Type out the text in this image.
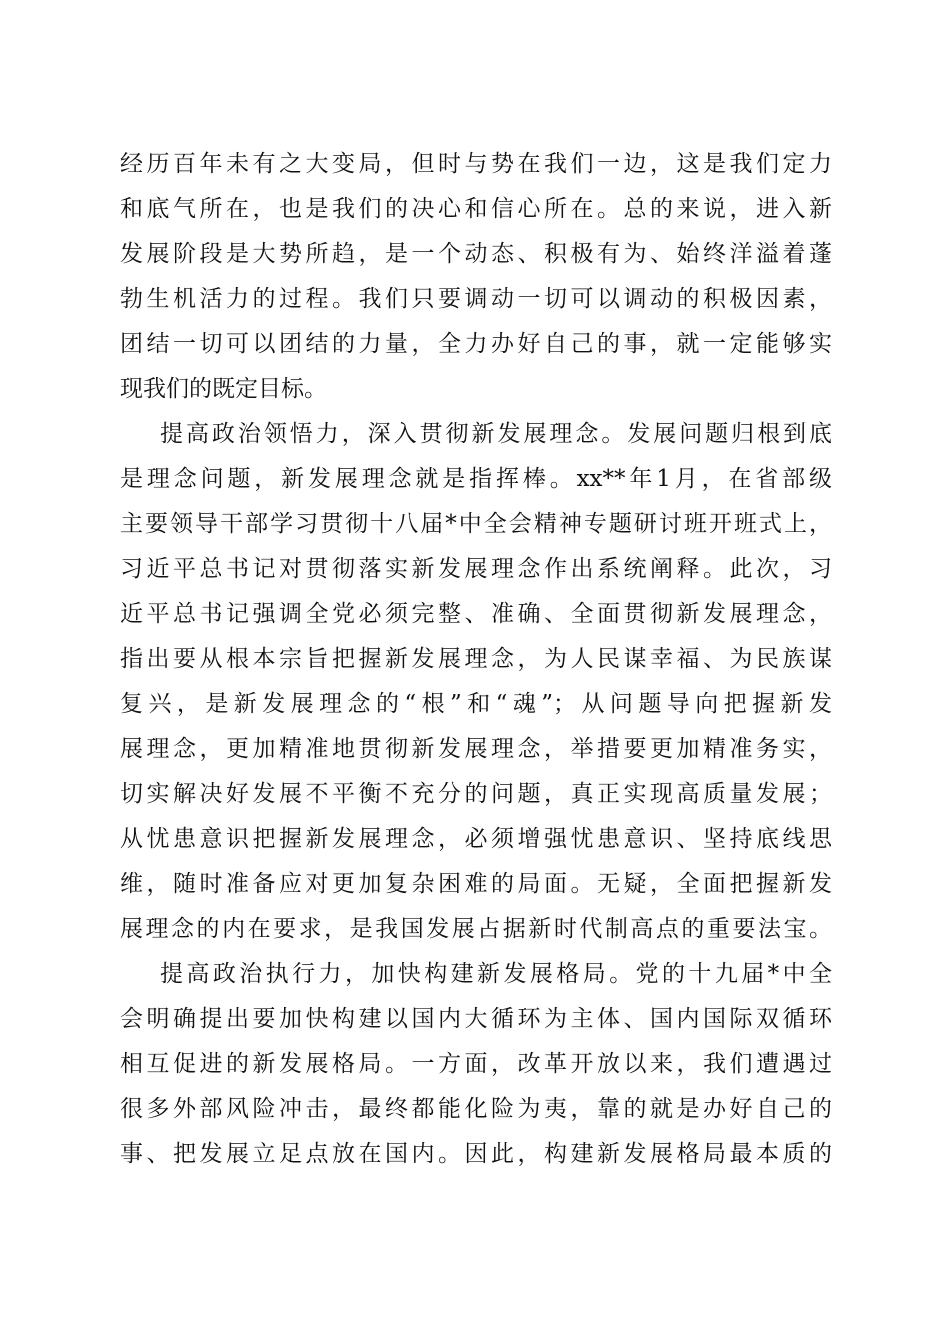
经历百年未有之大变局，但时与势在我们一边，这是我们定力
和底气所在，也是我们的决心和信心所在。总的来说，进入新
发展阶段是大势所趋，是一个动态、积极有为、始终洋溢着蓬
勃生机活力的过程。我们只要调动一切可以调动的积极因素，
团结一切可以团结的力量，全力办好自己的事，就一定能够实
现我们的既定目标。
提高政治领悟力，深入贯彻新发展理念。发展问题归根到底
是理念问题，新发展理念就是指挥棒。xx**年1月，在省部级
主要领导干部学习贯彻十八届*中全会精神专题研讨班开班式上，
习近平总书记对贯彻落实新发展理念作出系统阐释。此次，习
近平总书记强调全党必须完整、准确、全面贯彻新发展理念，
指出要从根本宗旨把握新发展理念，为人民谋幸福、为民族谋
复兴，是新发展理念的“根”和“魂”；从问题导向把握新发
展理念，更加精准地贯彻新发展理念，举措要更加精准务实，
切实解决好发展不平衡不充分的问题，真正实现高质量发展；
从忧患意识把握新发展理念，必须增强忧患意识、坚持底线思
维，随时准备应对更加复杂困难的局面。无疑，全面把握新发
展理念的内在要求，是我国发展占据新时代制高点的重要法宝。
提高政治执行力，加快构建新发展格局。党的十九届*中全
会明确提出要加快构建以国内大循环为主体、国内国际双循环
相互促进的新发展格局。一方面，改革开放以来，我们遭遇过
很多外部风险冲击，最终都能化险为夷，靠的就是办好自己的
事、把发展立足点放在国内。因此，构建新发展格局最本质的
